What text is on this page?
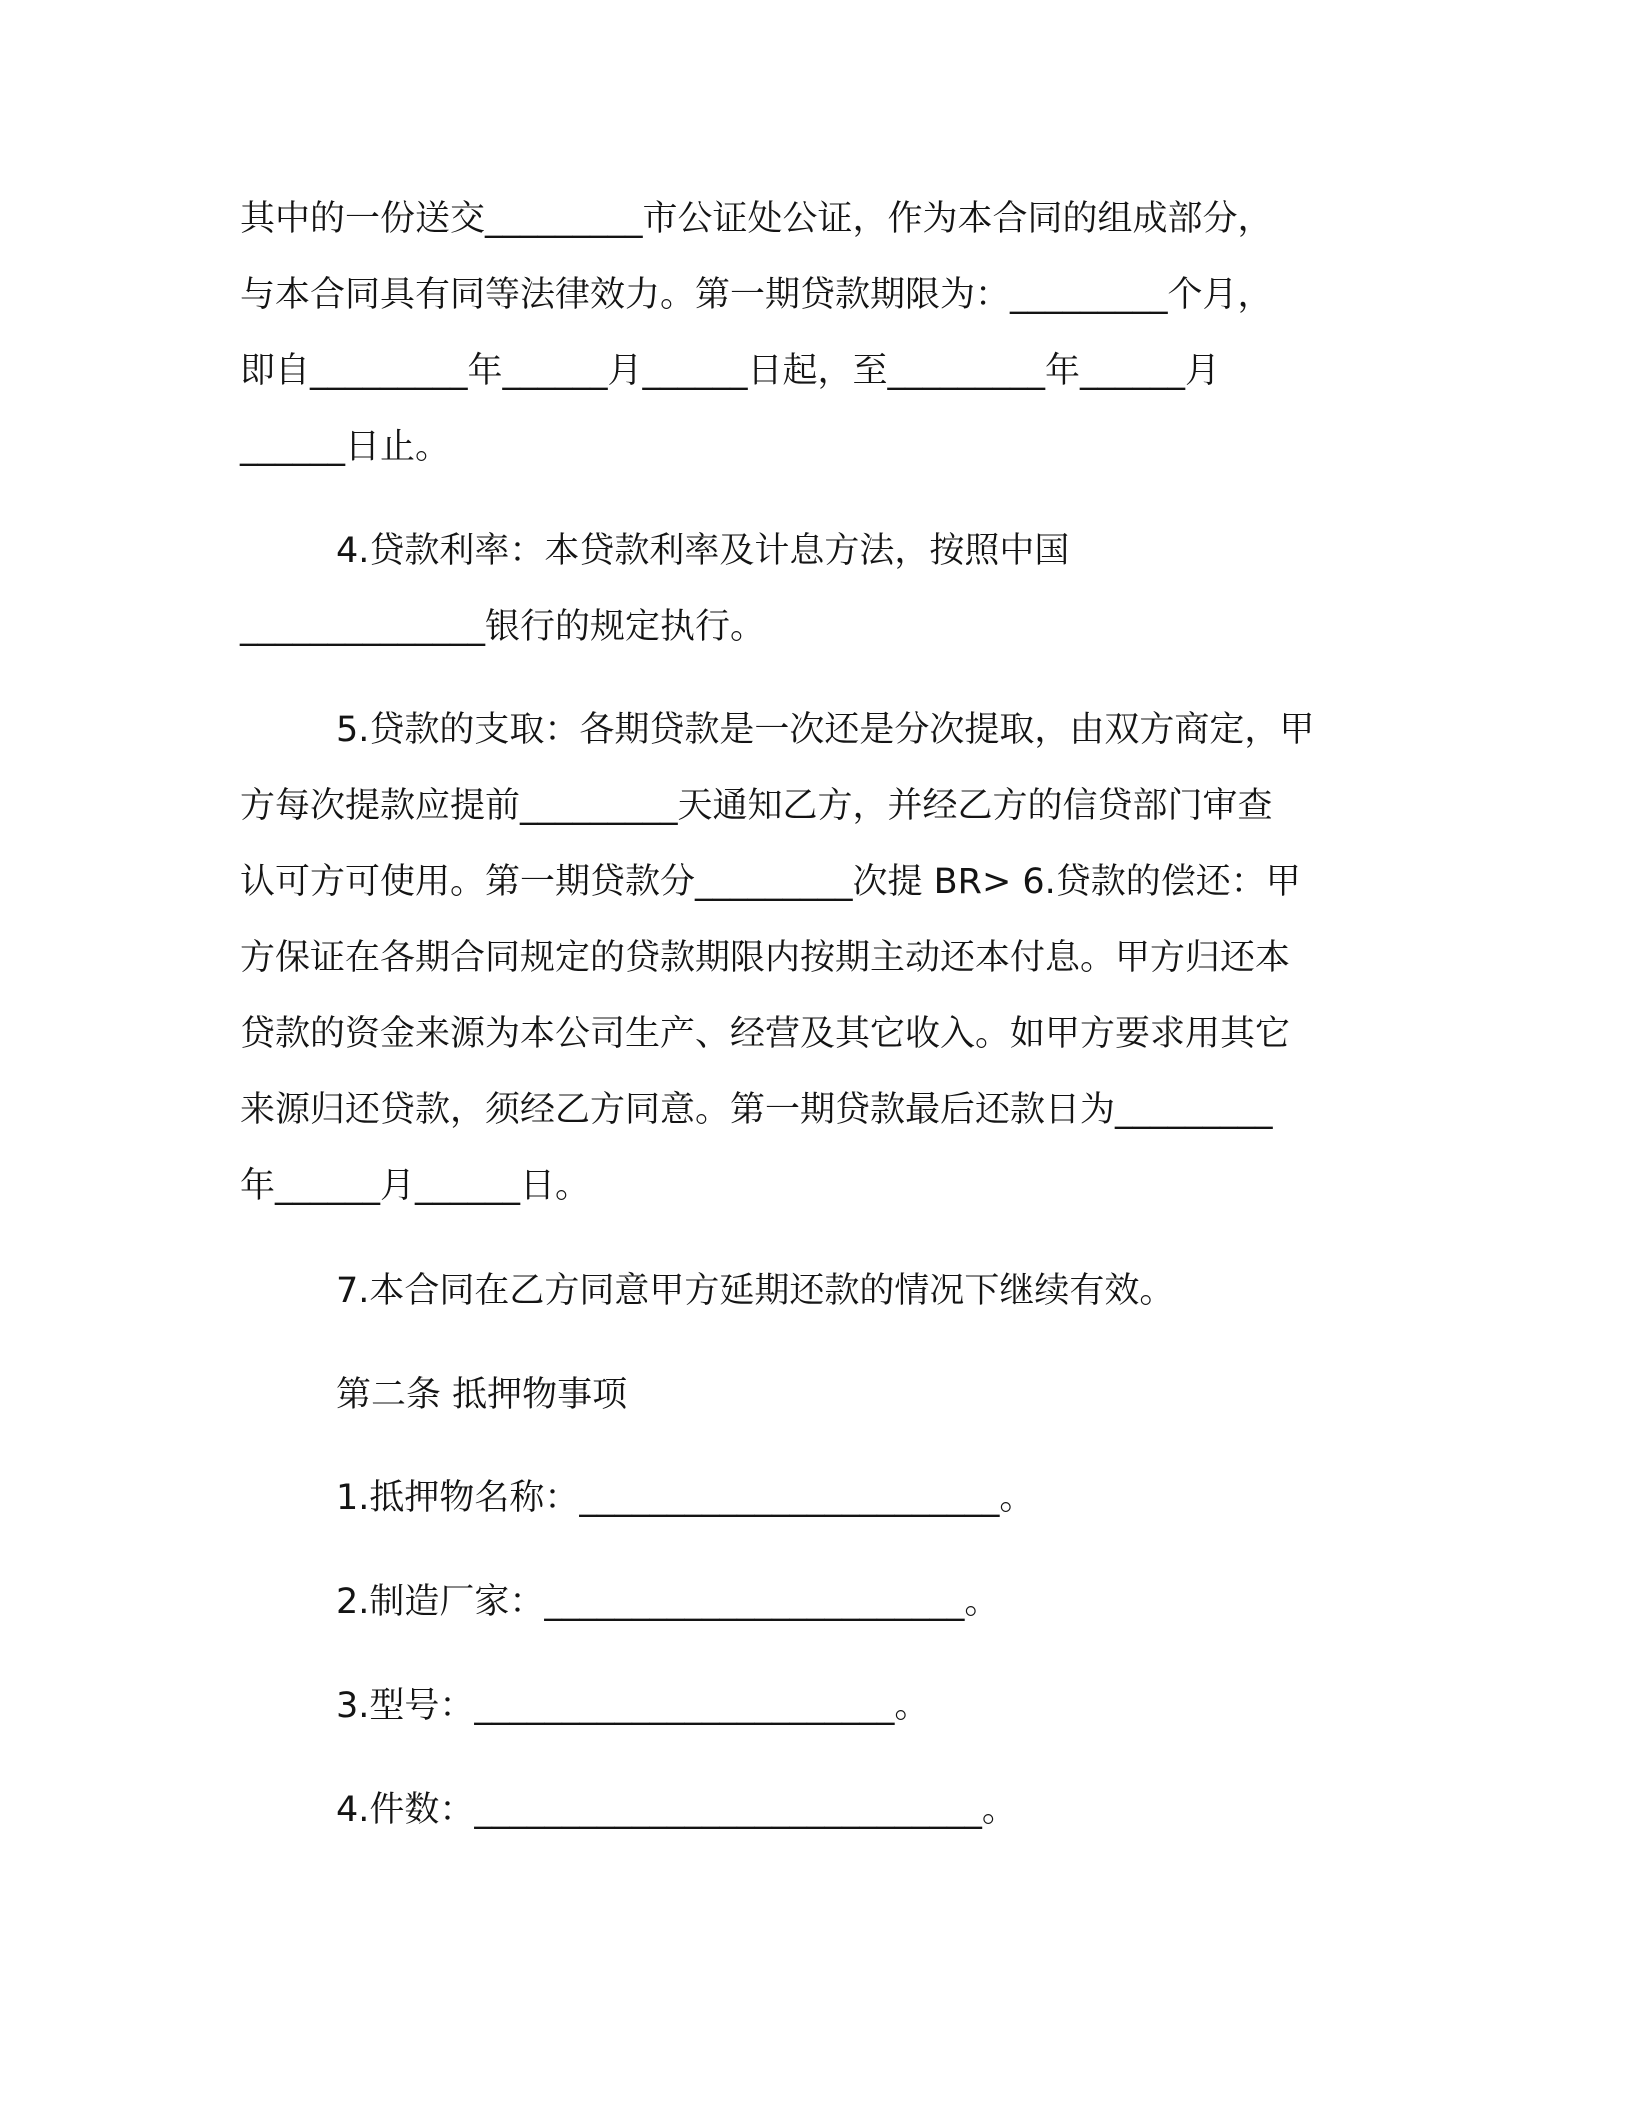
其中的一份送交_________市公证处公证，作为本合同的组成部分，
与本合同具有同等法律效力。第一期贷款期限为：_________个月，
即自_________年______月______日起，至_________年______月
______日止。
4.贷款利率：本贷款利率及计息方法，按照中国
______________银行的规定执行。
5.贷款的支取：各期贷款是一次还是分次提取，由双方商定，甲
方每次提款应提前_________天通知乙方，并经乙方的信贷部门审查
认可方可使用。第一期贷款分_________次提 BR> 6.贷款的偿还：甲
方保证在各期合同规定的贷款期限内按期主动还本付息。甲方归还本
贷款的资金来源为本公司生产、经营及其它收入。如甲方要求用其它
来源归还贷款，须经乙方同意。第一期贷款最后还款日为_________
年______月______日。
7.本合同在乙方同意甲方延期还款的情况下继续有效。
第二条 抵押物事项
1.抵押物名称：________________________。
2.制造厂家：________________________。
3.型号：________________________。
4.件数：_____________________________。
